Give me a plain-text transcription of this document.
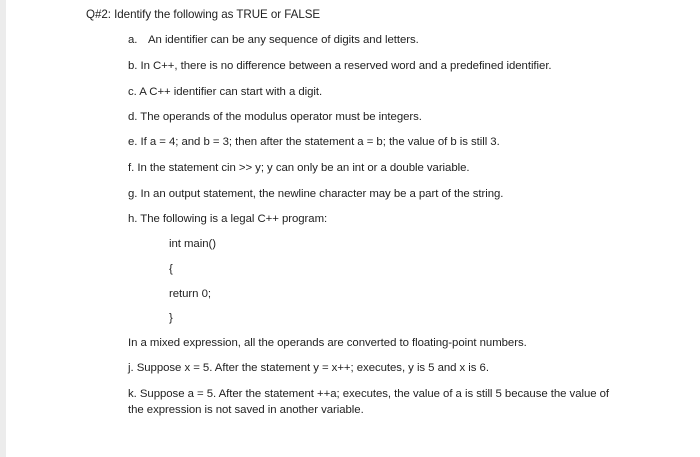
Q#2: Identify the following as TRUE or FALSE
a. An identifier can be any sequence of digits and letters.
b. In C++, there is no difference between a reserved word and a predefined identifier.
c. A C++ identifier can start with a digit.
d. The operands of the modulus operator must be integers.
e. If a = 4; and b = 3; then after the statement a = b; the value of b is still 3.
f. In the statement cin >> y; y can only be an int or a double variable.
g. In an output statement, the newline character may be a part of the string.
h. The following is a legal C++ program:
int main()
{
return 0;
}
In a mixed expression, all the operands are converted to floating-point numbers.
j. Suppose x = 5. After the statement y = x++; executes, y is 5 and x is 6.
k. Suppose a = 5. After the statement ++a; executes, the value of a is still 5 because the value of
the expression is not saved in another variable.
